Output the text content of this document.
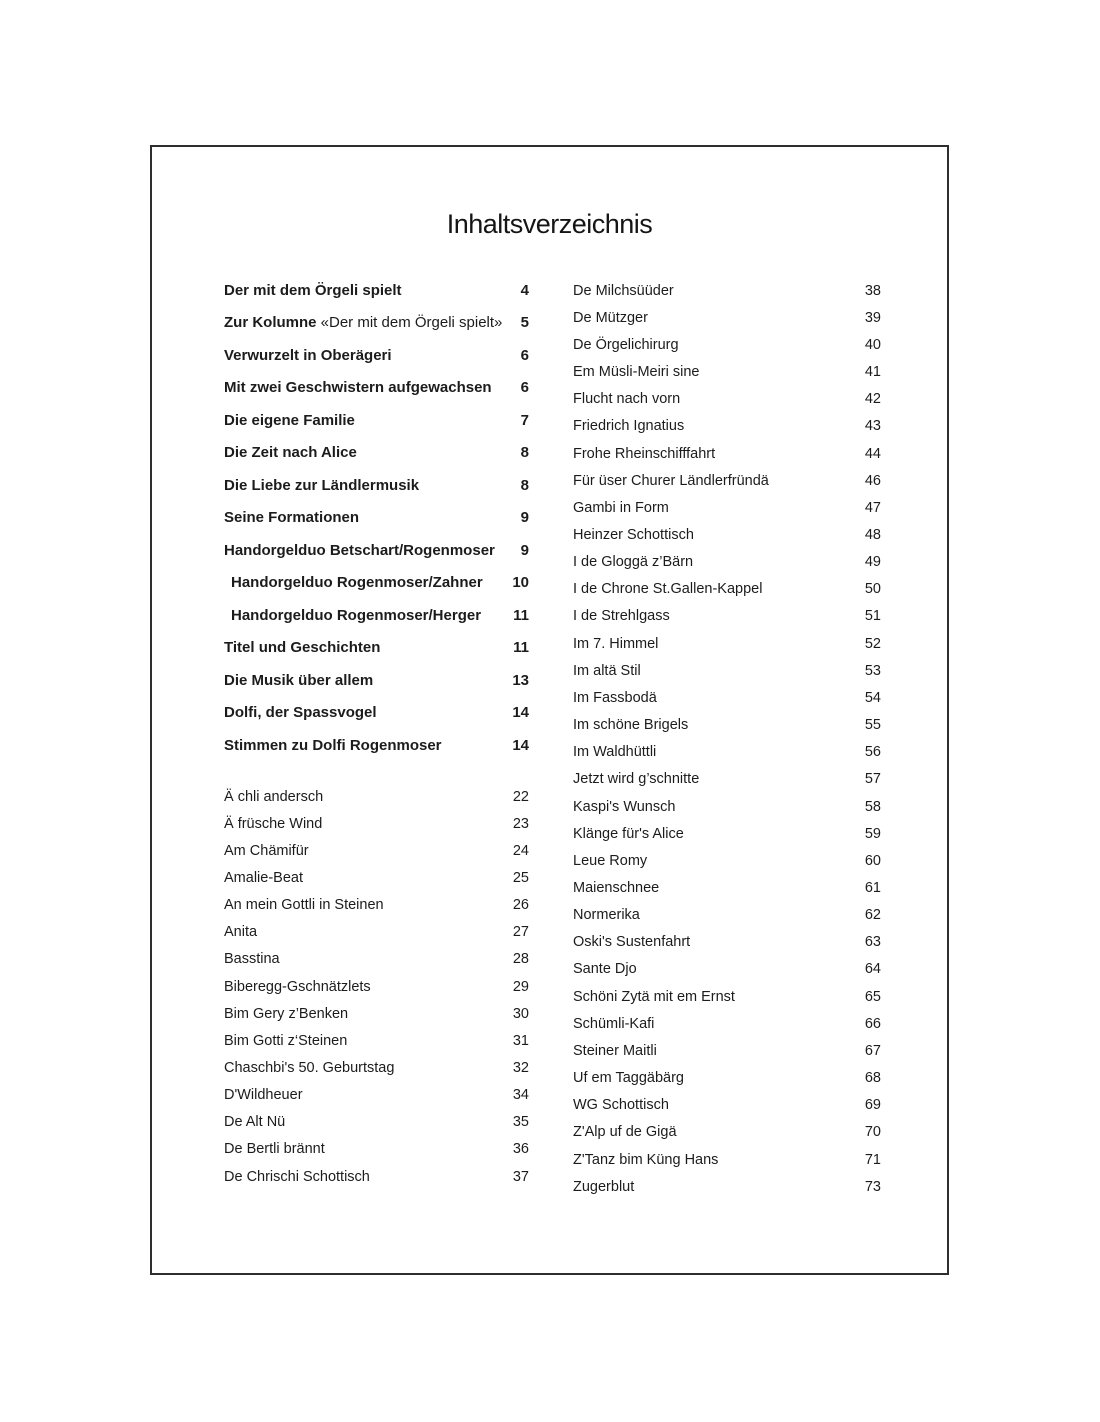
Inhaltsverzeichnis
Der mit dem Örgeli spielt	4
Zur Kolumne «Der mit dem Örgeli spielt» 5
Verwurzelt in Oberägeri	6
Mit zwei Geschwistern aufgewachsen 6
Die eigene Familie	7
Die Zeit nach Alice	8
Die Liebe zur Ländlermusik	8
Seine Formationen	9
Handorgelduo Betschart/Rogenmoser 9
Handorgelduo Rogenmoser/Zahner 10
Handorgelduo Rogenmoser/Herger 11
Titel und Geschichten	11
Die Musik über allem	13
Dolfi, der Spassvogel	14
Stimmen zu Dolfi Rogenmoser	14
Ä chli andersch	22
Ä früsche Wind	23
Am Chämifür	24
Amalie-Beat	25
An mein Gottli in Steinen	26
Anita	27
Basstina	28
Biberegg-Gschnätzlets	29
Bim Gery z’Benken	30
Bim Gotti z‘Steinen	31
Chaschbi's 50. Geburtstag	32
D'Wildheuer	34
De Alt Nü	35
De Bertli brännt	36
De Chrischi Schottisch	37
De Milchsüüder	38
De Mützger	39
De Örgelichirurg	40
Em Müsli-Meiri sine	41
Flucht nach vorn	42
Friedrich Ignatius	43
Frohe Rheinschifffahrt	44
Für üser Churer Ländlerfründä	46
Gambi in Form	47
Heinzer Schottisch	48
I de Gloggä z’Bärn	49
I de Chrone St.Gallen-Kappel	50
I de Strehlgass	51
Im 7. Himmel	52
Im altä Stil	53
Im Fassbodä	54
Im schöne Brigels	55
Im Waldhüttli	56
Jetzt wird g’schnitte	57
Kaspi's Wunsch	58
Klänge für's Alice	59
Leue Romy	60
Maienschnee	61
Normerika	62
Oski's Sustenfahrt	63
Sante Djo	64
Schöni Zytä mit em Ernst	65
Schümli-Kafi	66
Steiner Maitli	67
Uf em Taggäbärg	68
WG Schottisch	69
Z'Alp uf de Gigä	70
Z'Tanz bim Küng Hans	71
Zugerblut	73
